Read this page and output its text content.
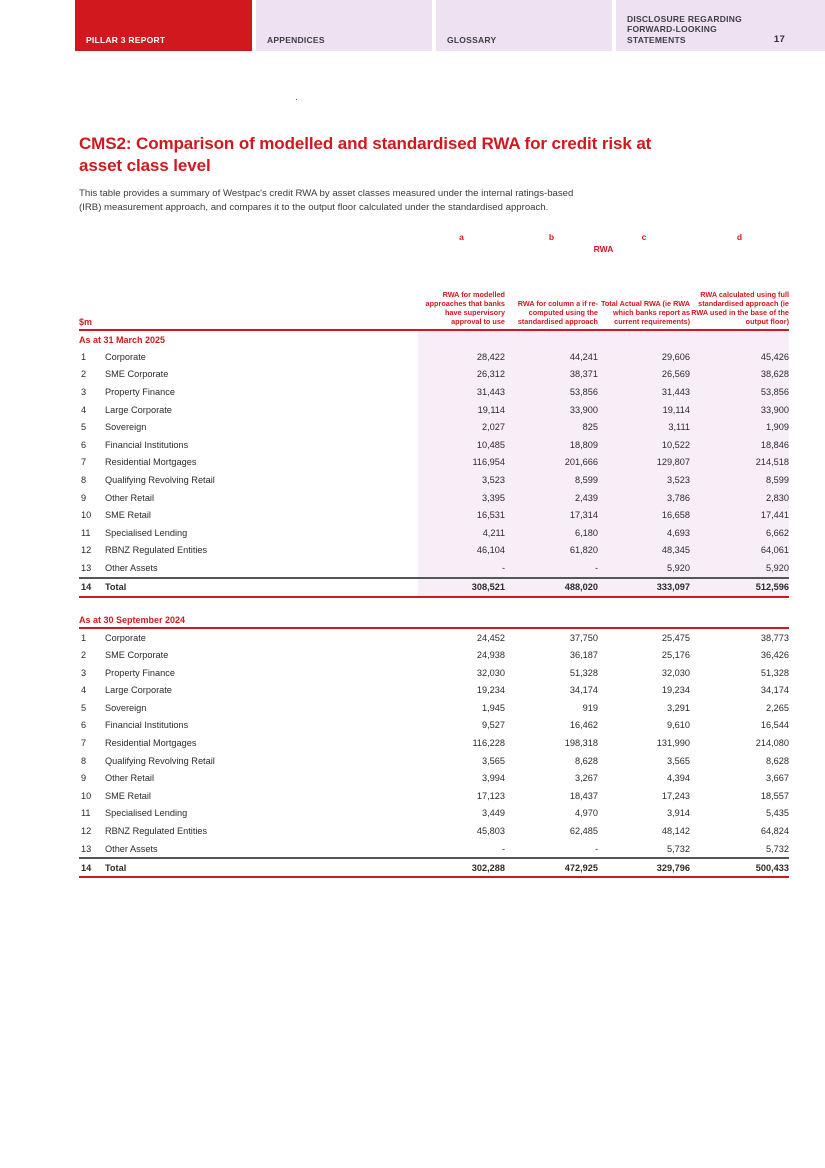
PILLAR 3 REPORT	APPENDICES	GLOSSARY
DISCLOSURE REGARDING FORWARD-LOOKING STATEMENTS	17
.
CMS2: Comparison of modelled and standardised RWA for credit risk at
asset class level
This table provides a summary of Westpac's credit RWA by asset classes measured under the internal ratings-based
(IRB) measurement approach, and compares it to the output floor calculated under the standardised approach.
a	b	c	d
RWA
$m
RWA for modelled approaches that banks have supervisory approval to use
RWA for column a if re-computed using the standardised approach
Total Actual RWA (ie RWA which banks report as current requirements)
RWA calculated using full standardised approach (ie RWA used in the base of the output floor)
As at 31 March 2025
1	Corporate	28,422	44,241	29,606	45,426
2	SME Corporate	26,312	38,371	26,569	38,628
3	Property Finance	31,443	53,856	31,443	53,856
4	Large Corporate	19,114	33,900	19,114	33,900
5	Sovereign	2,027	825	3,111	1,909
6	Financial Institutions	10,485	18,809	10,522	18,846
7	Residential Mortgages	116,954	201,666	129,807	214,518
8	Qualifying Revolving Retail	3,523	8,599	3,523	8,599
9	Other Retail	3,395	2,439	3,786	2,830
10	SME Retail	16,531	17,314	16,658	17,441
11	Specialised Lending	4,211	6,180	4,693	6,662
12	RBNZ Regulated Entities	46,104	61,820	48,345	64,061
13	Other Assets	-	-	5,920	5,920
14	Total	308,521	488,020	333,097	512,596
As at 30 September 2024
1	Corporate	24,452	37,750	25,475	38,773
2	SME Corporate	24,938	36,187	25,176	36,426
3	Property Finance	32,030	51,328	32,030	51,328
4	Large Corporate	19,234	34,174	19,234	34,174
5	Sovereign	1,945	919	3,291	2,265
6	Financial Institutions	9,527	16,462	9,610	16,544
7	Residential Mortgages	116,228	198,318	131,990	214,080
8	Qualifying Revolving Retail	3,565	8,628	3,565	8,628
9	Other Retail	3,994	3,267	4,394	3,667
10	SME Retail	17,123	18,437	17,243	18,557
11	Specialised Lending	3,449	4,970	3,914	5,435
12	RBNZ Regulated Entities	45,803	62,485	48,142	64,824
13	Other Assets	-	-	5,732	5,732
14	Total	302,288	472,925	329,796	500,433
